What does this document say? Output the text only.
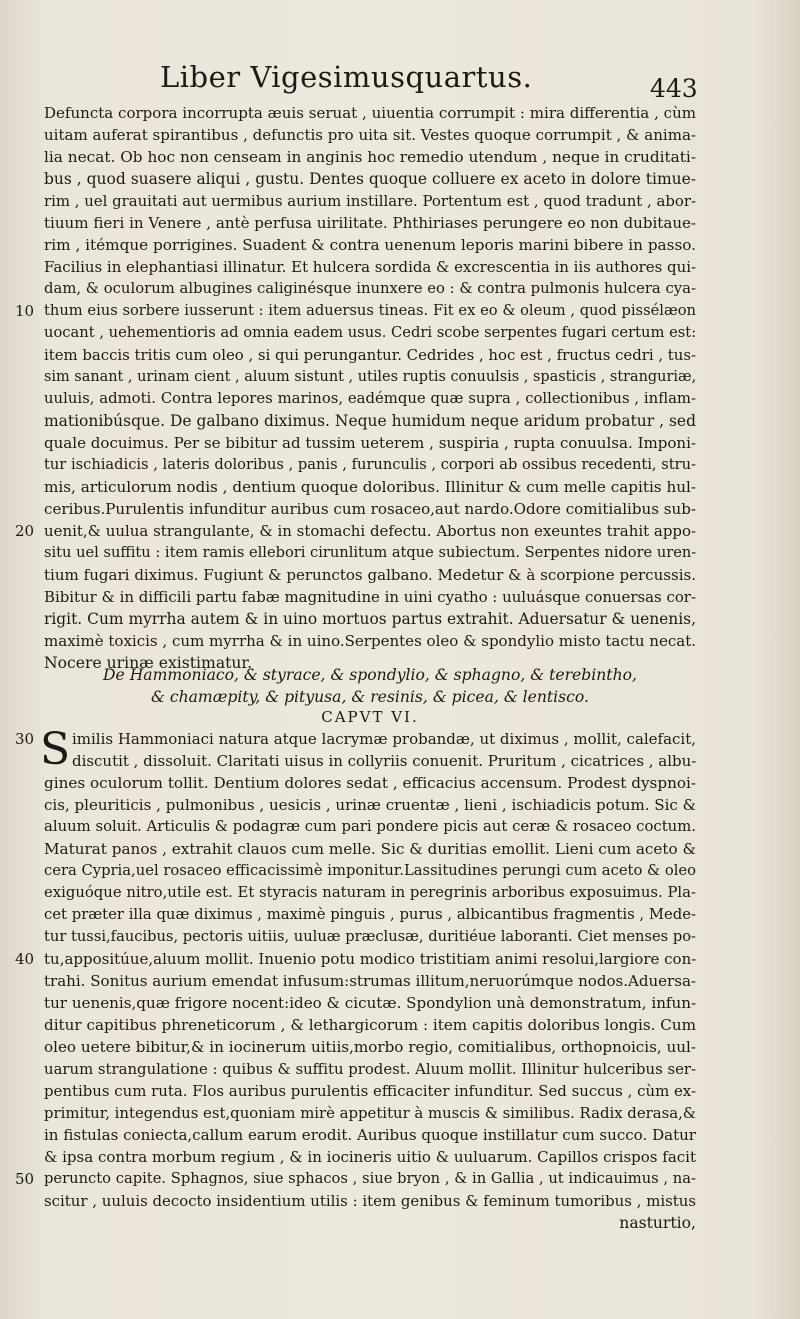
Liber Vigesimusquartus.	443
Defuncta corpora incorrupta æuis seruat , uiuentia corrumpit : mira differentia , cùm
uitam auferat spirantibus , defunctis pro uita sit. Vestes quoque corrumpit , & anima-
lia necat. Ob hoc non censeam in anginis hoc remedio utendum , neque in cruditati-
bus , quod suasere aliqui , gustu. Dentes quoque colluere ex aceto in dolore timue-
rim , uel grauitati aut uermibus aurium instillare. Portentum est , quod tradunt , abor-
tiuum fieri in Venere , antè perfusa uirilitate. Phthiriases perungere eo non dubitaue-
rim , itémque porrigines. Suadent & contra uenenum leporis marini bibere in passo.
Facilius in elephantiasi illinatur. Et hulcera sordida & excrescentia in iis authores qui-
dam, & oculorum albugines caliginésque inunxere eo : & contra pulmonis hulcera cya-
thum eius sorbere iusserunt : item aduersus tineas. Fit ex eo & oleum , quod pissélæon
uocant , uehementioris ad omnia eadem usus. Cedri scobe serpentes fugari certum est:
item baccis tritis cum oleo , si qui perungantur. Cedrides , hoc est , fructus cedri , tus-
sim sanant , urinam cient , aluum sistunt , utiles ruptis conuulsis , spasticis , stranguriæ,
uuluis, admoti. Contra lepores marinos, eadémque quæ supra , collectionibus , inflam-
mationibúsque. De galbano diximus. Neque humidum neque aridum probatur , sed
quale docuimus. Per se bibitur ad tussim ueterem , suspiria , rupta conuulsa. Imponi-
tur ischiadicis , lateris doloribus , panis , furunculis , corpori ab ossibus recedenti, stru-
mis, articulorum nodis , dentium quoque doloribus. Illinitur & cum melle capitis hul-
ceribus.Purulentis infunditur auribus cum rosaceo,aut nardo.Odore comitialibus sub-
uenit,& uulua strangulante, & in stomachi defectu. Abortus non exeuntes trahit appo-
situ uel suffitu : item ramis ellebori cirunlitum atque subiectum. Serpentes nidore uren-
tium fugari diximus. Fugiunt & perunctos galbano. Medetur & à scorpione percussis.
Bibitur & in difficili partu fabæ magnitudine in uini cyatho : uuluásque conuersas cor-
rigit. Cum myrrha autem & in uino mortuos partus extrahit. Aduersatur & uenenis,
maximè toxicis , cum myrrha & in uino.Serpentes oleo & spondylio misto tactu necat.
Nocere urinæ existimatur.
De Hammoniaco, & styrace, & spondylio, & sphagno, & terebintho,
& chamæpity, & pityusa, & resinis, & picea, & lentisco.
CAPVT VI.
S imilis Hammoniaci natura atque lacrymæ probandæ, ut diximus , mollit, calefacit,
discutit , dissoluit. Claritati uisus in collyriis conuenit. Pruritum , cicatrices , albu-
gines oculorum tollit. Dentium dolores sedat , efficacius accensum. Prodest dyspnoi-
cis, pleuriticis , pulmonibus , uesicis , urinæ cruentæ , lieni , ischiadicis potum. Sic &
aluum soluit. Articulis & podagræ cum pari pondere picis aut ceræ & rosaceo coctum.
Maturat panos , extrahit clauos cum melle. Sic & duritias emollit. Lieni cum aceto &
cera Cypria,uel rosaceo efficacissimè imponitur.Lassitudines perungi cum aceto & oleo
exiguóque nitro,utile est. Et styracis naturam in peregrinis arboribus exposuimus. Pla-
cet præter illa quæ diximus , maximè pinguis , purus , albicantibus fragmentis , Mede-
tur tussi,faucibus, pectoris uitiis, uuluæ præclusæ, duritiéue laboranti. Ciet menses po-
tu,appositúue,aluum mollit. Inuenio potu modico tristitiam animi resolui,largiore con-
trahi. Sonitus aurium emendat infusum:strumas illitum,neruorúmque nodos.Aduersa-
tur uenenis,quæ frigore nocent:ideo & cicutæ. Spondylion unà demonstratum, infun-
ditur capitibus phreneticorum , & lethargicorum : item capitis doloribus longis. Cum
oleo uetere bibitur,& in iocinerum uitiis,morbo regio, comitialibus, orthopnoicis, uul-
uarum strangulatione : quibus & suffitu prodest. Aluum mollit. Illinitur hulceribus ser-
pentibus cum ruta. Flos auribus purulentis efficaciter infunditur. Sed succus , cùm ex-
primitur, integendus est,quoniam mirè appetitur à muscis & similibus. Radix derasa,&
in fistulas coniecta,callum earum erodit. Auribus quoque instillatur cum succo. Datur
& ipsa contra morbum regium , & in iocineris uitio & uuluarum. Capillos crispos facit
peruncto capite. Sphagnos, siue sphacos , siue bryon , & in Gallia , ut indicauimus , na-
scitur , uuluis decocto insidentium utilis : item genibus & feminum tumoribus , mistus
nasturtio,
10
20
30
40
50
